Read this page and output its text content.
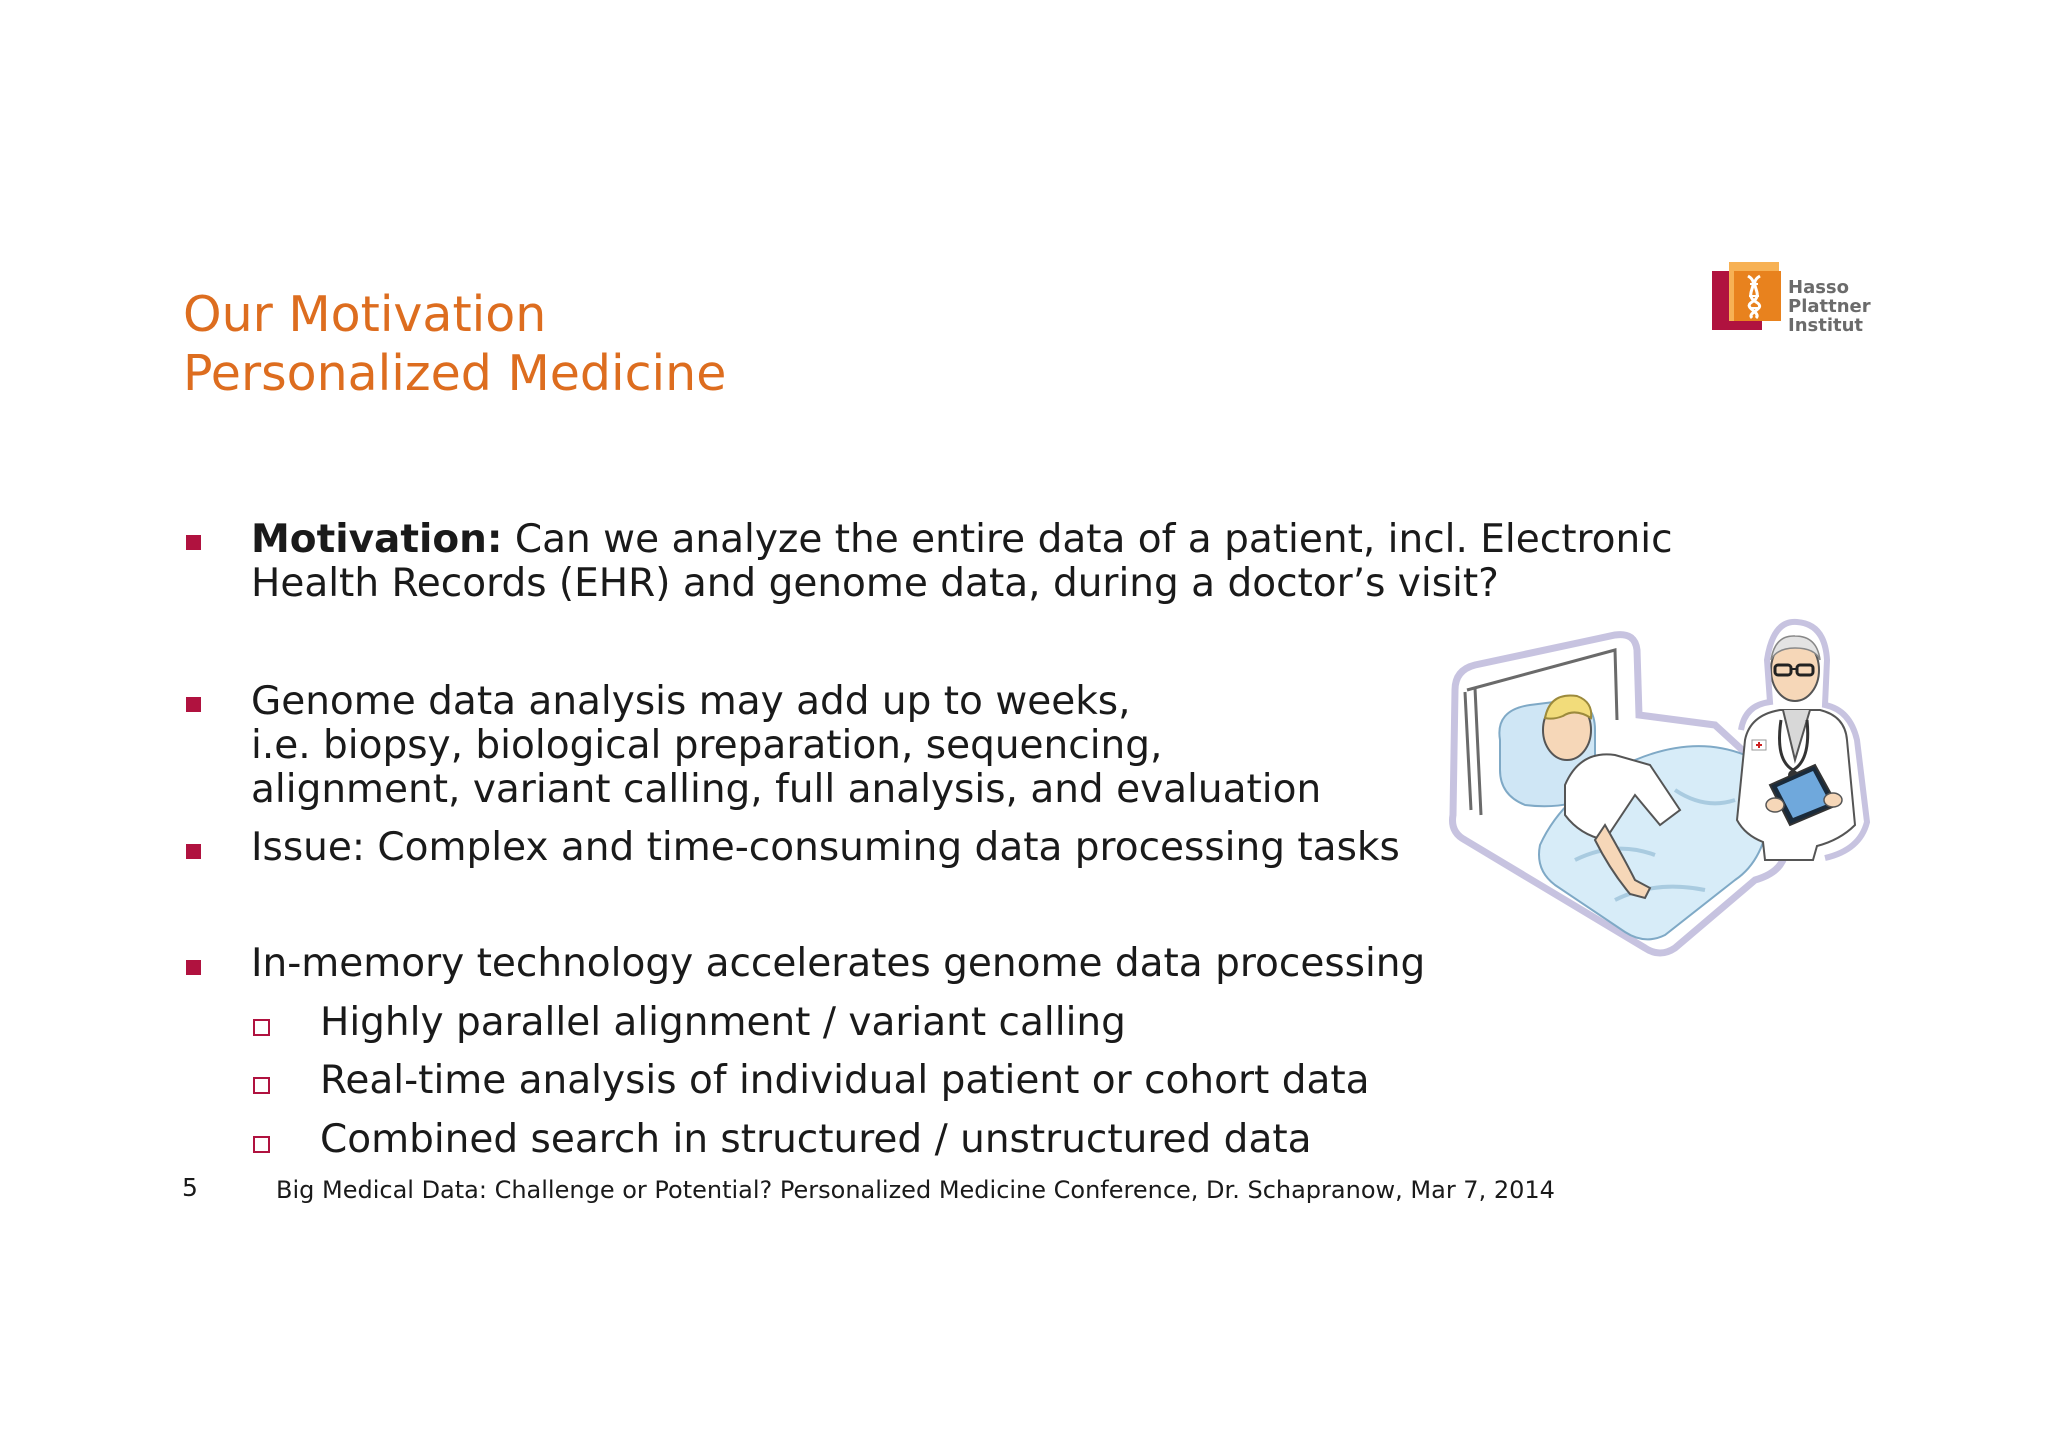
Our Motivation
Personalized Medicine
Hasso
Plattner
Institut
Motivation: Can we analyze the entire data of a patient, incl. Electronic
Health Records (EHR) and genome data, during a doctor’s visit?
Genome data analysis may add up to weeks,
i.e. biopsy, biological preparation, sequencing,
alignment, variant calling, full analysis, and evaluation
Issue: Complex and time-consuming data processing tasks
In-memory technology accelerates genome data processing
Highly parallel alignment / variant calling
Real-time analysis of individual patient or cohort data
Combined search in structured / unstructured data
5	Big Medical Data: Challenge or Potential? Personalized Medicine Conference, Dr. Schapranow, Mar 7, 2014
